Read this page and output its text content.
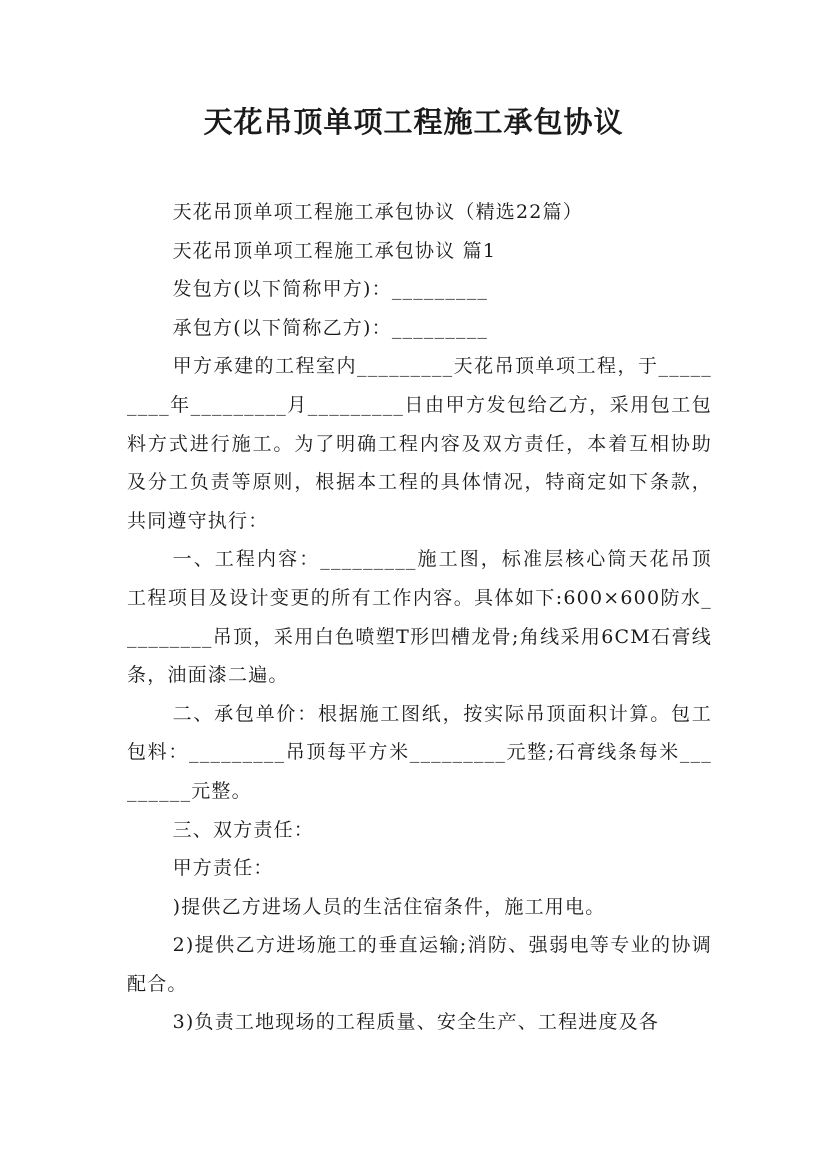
天花吊顶单项工程施工承包协议

天花吊顶单项工程施工承包协议（精选22篇）

天花吊顶单项工程施工承包协议 篇1

发包方(以下简称甲方)：_________

承包方(以下简称乙方)：_________

甲方承建的工程室内_________天花吊顶单项工程，于_________年_________月_________日由甲方发包给乙方，采用包工包料方式进行施工。为了明确工程内容及双方责任，本着互相协助及分工负责等原则，根据本工程的具体情况，特商定如下条款，共同遵守执行：

一、工程内容：_________施工图，标准层核心筒天花吊顶工程项目及设计变更的所有工作内容。具体如下:600×600防水_________吊顶，采用白色喷塑T形凹槽龙骨;角线采用6CM石膏线条，油面漆二遍。

二、承包单价：根据施工图纸，按实际吊顶面积计算。包工包料：_________吊顶每平方米_________元整;石膏线条每米_________元整。

三、双方责任：

甲方责任：

)提供乙方进场人员的生活住宿条件，施工用电。

2)提供乙方进场施工的垂直运输;消防、强弱电等专业的协调配合。

3)负责工地现场的工程质量、安全生产、工程进度及各
